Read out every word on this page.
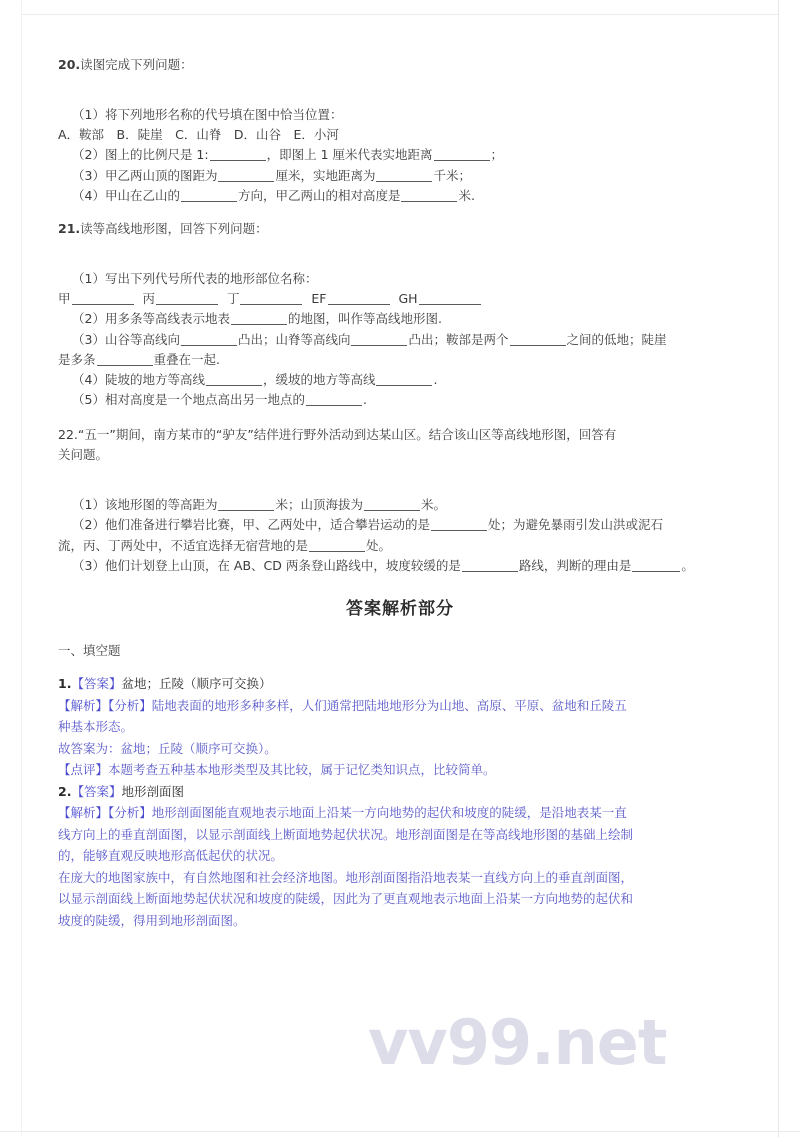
vv99.net

20.读图完成下列问题：

（1）将下列地形名称的代号填在图中恰当位置：

A．鞍部　B．陡崖　C．山脊　D．山谷　E．小河

（2）图上的比例尺是 1:	，即图上 1 厘米代表实地距离	；

（3）甲乙两山顶的图距为	厘米，实地距离为	千米；

（4）甲山在乙山的	方向，甲乙两山的相对高度是	米.

21.读等高线地形图，回答下列问题：

（1）写出下列代号所代表的地形部位名称：

甲	丙	丁	EF	GH

（2）用多条等高线表示地表	的地图，叫作等高线地形图.

（3）山谷等高线向	凸出；山脊等高线向	凸出；鞍部是两个	之间的低地；陡崖

是多条	重叠在一起.

（4）陡坡的地方等高线	，缓坡的地方等高线	.

（5）相对高度是一个地点高出另一地点的	.

22.“五一”期间，南方某市的“驴友”结伴进行野外活动到达某山区。结合该山区等高线地形图，回答有

关问题。

（1）该地形图的等高距为	米；山顶海拔为	米。

（2）他们准备进行攀岩比赛，甲、乙两处中，适合攀岩运动的是	处；为避免暴雨引发山洪或泥石

流，丙、丁两处中，不适宜选择无宿营地的是	处。

（3）他们计划登上山顶，在 AB、CD 两条登山路线中，坡度较缓的是	路线，判断的理由是	。

答案解析部分

一、填空题

1.【答案】盆地；丘陵（顺序可交换）

【解析】【分析】陆地表面的地形多种多样，人们通常把陆地地形分为山地、高原、平原、盆地和丘陵五

种基本形态。

故答案为：盆地；丘陵（顺序可交换）。

【点评】本题考查五种基本地形类型及其比较，属于记忆类知识点，比较简单。

2.【答案】地形剖面图

【解析】【分析】地形剖面图能直观地表示地面上沿某一方向地势的起伏和坡度的陡缓，是沿地表某一直

线方向上的垂直剖面图，以显示剖面线上断面地势起伏状况。地形剖面图是在等高线地形图的基础上绘制

的，能够直观反映地形高低起伏的状况。

在庞大的地图家族中，有自然地图和社会经济地图。地形剖面图指沿地表某一直线方向上的垂直剖面图，

以显示剖面线上断面地势起伏状况和坡度的陡缓，因此为了更直观地表示地面上沿某一方向地势的起伏和

坡度的陡缓，得用到地形剖面图。
